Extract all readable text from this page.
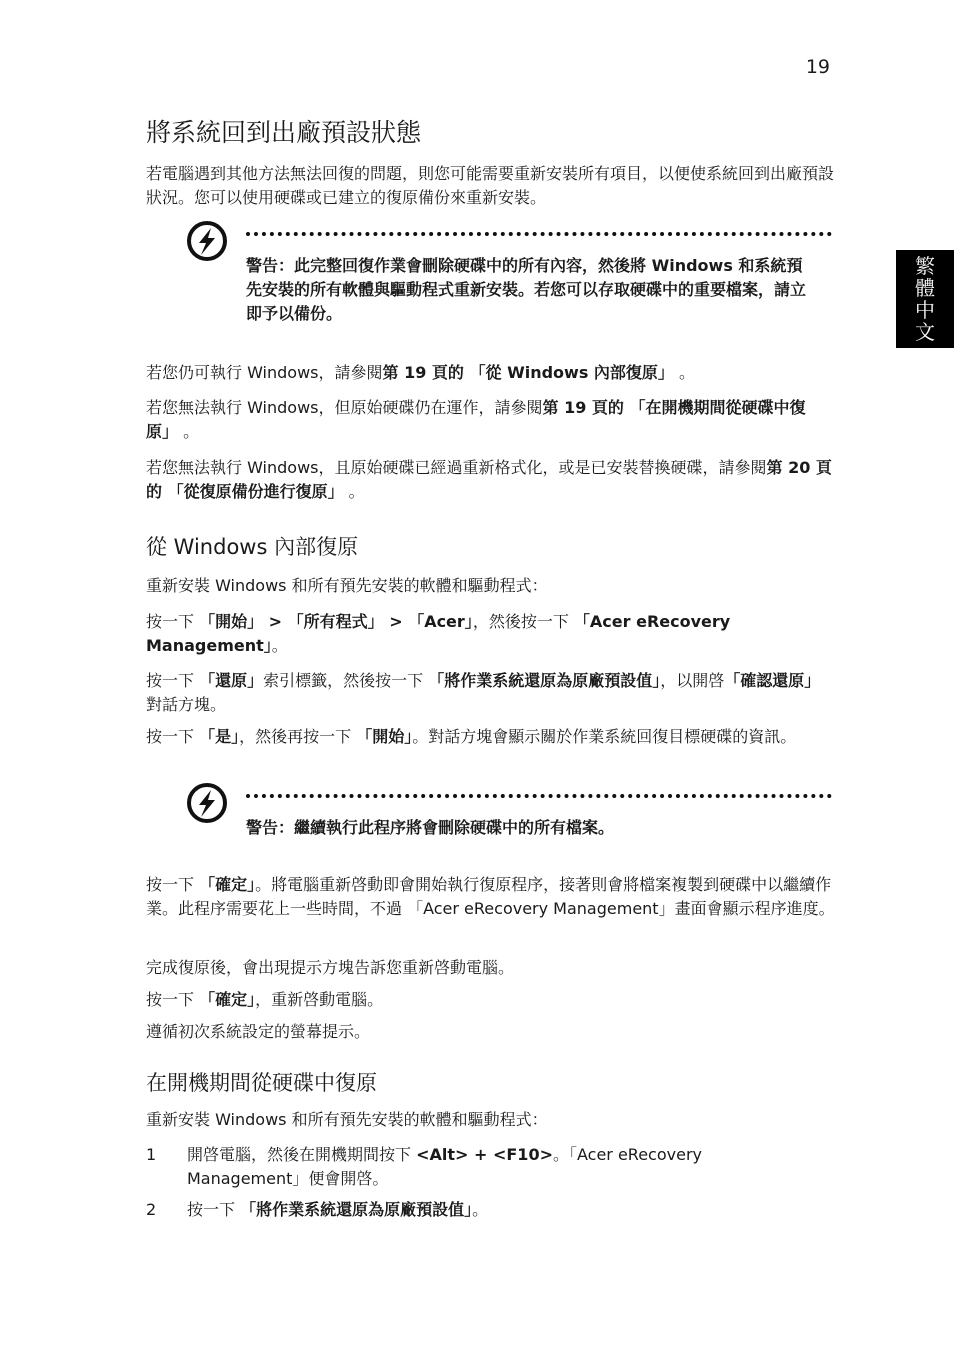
19
繁
體
中
文
將系統回到出廠預設狀態

若電腦遇到其他方法無法回復的問題，則您可能需要重新安裝所有項目，以便使系統回到出廠預設狀況。您可以使用硬碟或已建立的復原備份來重新安裝。

警告：此完整回復作業會刪除硬碟中的所有內容，然後將 Windows 和系統預先安裝的所有軟體與驅動程式重新安裝。若您可以存取硬碟中的重要檔案，請立即予以備份。

若您仍可執行 Windows，請參閱第 19 頁的 「從 Windows 內部復原」 。

若您無法執行 Windows，但原始硬碟仍在運作，請參閱第 19 頁的 「在開機期間從硬碟中復原」 。

若您無法執行 Windows，且原始硬碟已經過重新格式化，或是已安裝替換硬碟，請參閱第 20 頁的 「從復原備份進行復原」 。

從 Windows 內部復原

重新安裝 Windows 和所有預先安裝的軟體和驅動程式：

按一下 「開始」 > 「所有程式」 > 「Acer」，然後按一下 「Acer eRecovery Management」。

按一下 「還原」索引標籤，然後按一下 「將作業系統還原為原廠預設值」，以開啓「確認還原」對話方塊。

按一下 「是」，然後再按一下 「開始」。對話方塊會顯示關於作業系統回復目標硬碟的資訊。

警告：繼續執行此程序將會刪除硬碟中的所有檔案。

按一下 「確定」。將電腦重新啓動即會開始執行復原程序，接著則會將檔案複製到硬碟中以繼續作業。此程序需要花上一些時間，不過 「Acer eRecovery Management」畫面會顯示程序進度。

完成復原後，會出現提示方塊告訴您重新啓動電腦。

按一下 「確定」，重新啓動電腦。

遵循初次系統設定的螢幕提示。

在開機期間從硬碟中復原

重新安裝 Windows 和所有預先安裝的軟體和驅動程式：

1 開啓電腦，然後在開機期間按下 <Alt> + <F10>。「Acer eRecovery Management」便會開啓。
2 按一下 「將作業系統還原為原廠預設值」。
